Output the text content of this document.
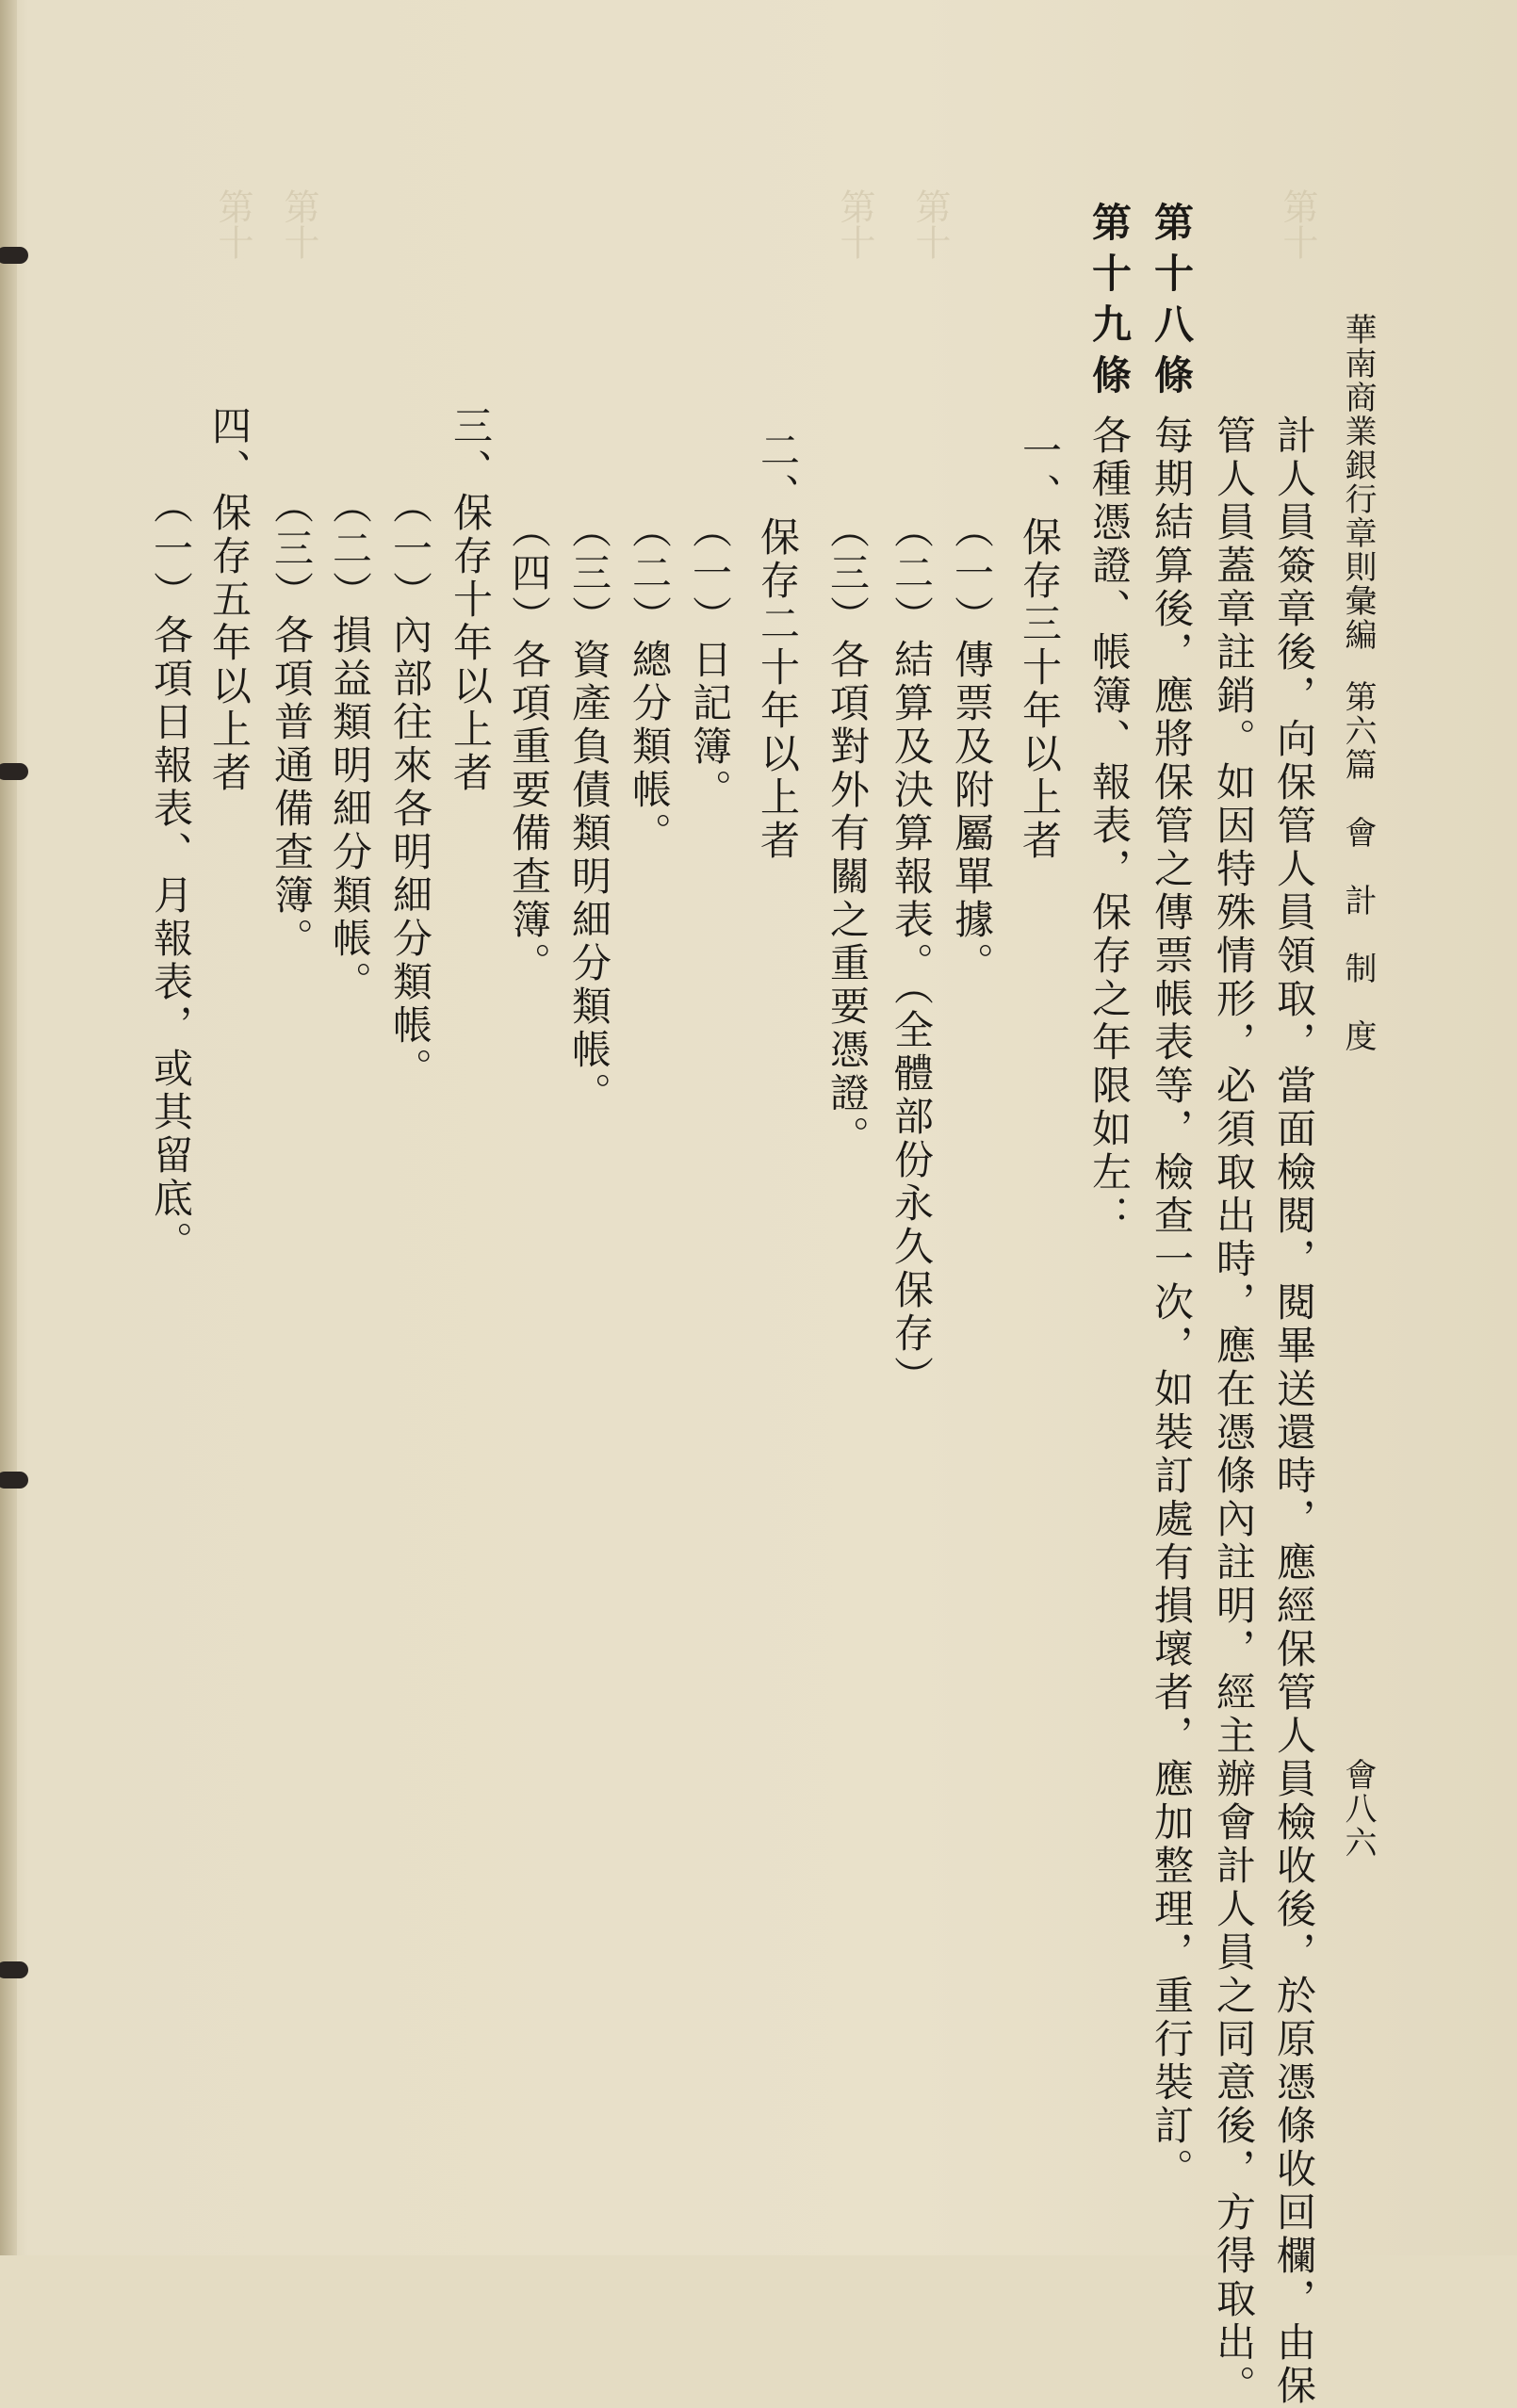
第十
第十
第十
第十
第十
華南商業銀行章則彙編
第六篇　會　計　制　度
會八六
計人員簽章後，向保管人員領取，當面檢閱，閱畢送還時，應經保管人員檢收後，於原憑條收回欄，由保
管人員蓋章註銷。如因特殊情形，必須取出時，應在憑條內註明，經主辦會計人員之同意後，方得取出。
第十八條
每期結算後，應將保管之傳票帳表等，檢查一次，如裝訂處有損壞者，應加整理，重行裝訂。
第十九條
各種憑證、帳簿、報表，保存之年限如左：
一、保存三十年以上者
（一）傳票及附屬單據。
（二）結算及決算報表。（全體部份永久保存）
（三）各項對外有關之重要憑證。
二、保存二十年以上者
（一）日記簿。
（二）總分類帳。
（三）資產負債類明細分類帳。
（四）各項重要備查簿。
三、保存十年以上者
（一）內部往來各明細分類帳。
（二）損益類明細分類帳。
（三）各項普通備查簿。
四、保存五年以上者
（一）各項日報表、月報表，或其留底。
